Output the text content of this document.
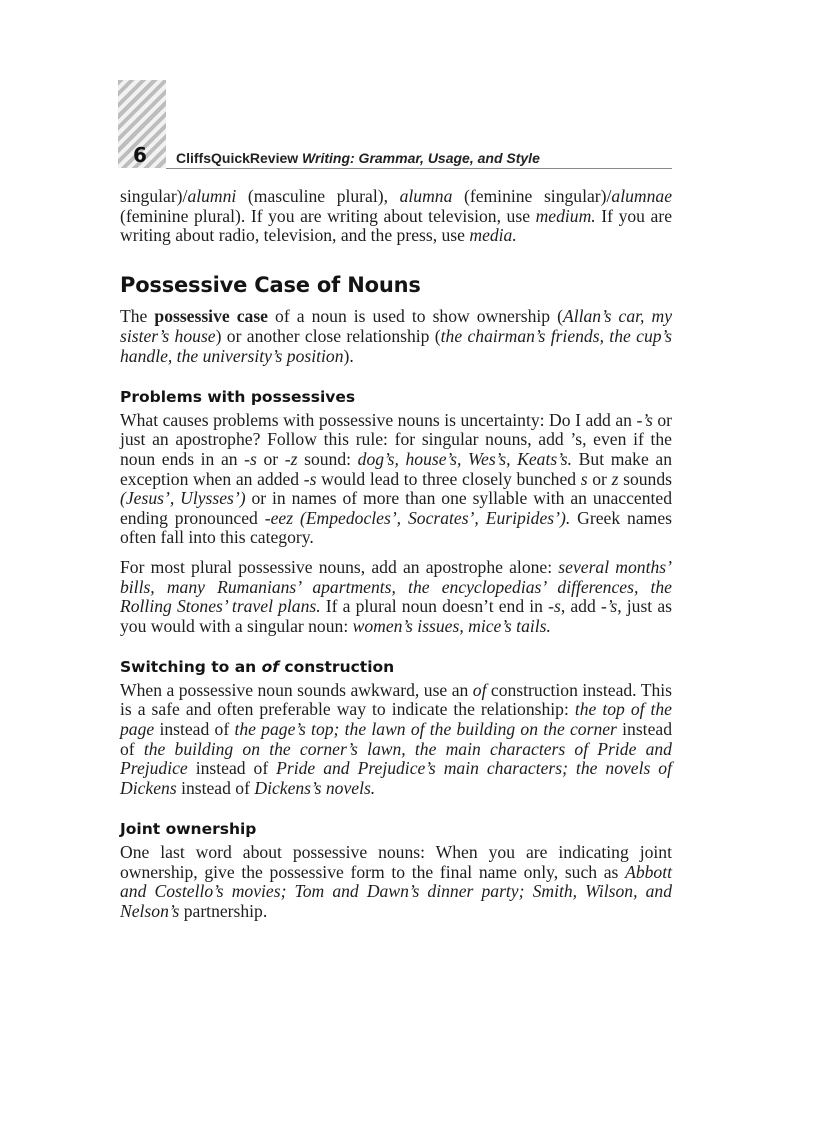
6 CliffsQuickReview Writing: Grammar, Usage, and Style

singular)/alumni (masculine plural), alumna (feminine singular)/alumnae (feminine plural). If you are writing about television, use medium. If you are writing about radio, television, and the press, use media.

Possessive Case of Nouns

The possessive case of a noun is used to show ownership (Allan’s car, my sister’s house) or another close relationship (the chairman’s friends, the cup’s handle, the university’s position).

Problems with possessives

What causes problems with possessive nouns is uncertainty: Do I add an -’s or just an apostrophe? Follow this rule: for singular nouns, add ’s, even if the noun ends in an -s or -z sound: dog’s, house’s, Wes’s, Keats’s. But make an exception when an added -s would lead to three closely bunched s or z sounds (Jesus’, Ulysses’) or in names of more than one syllable with an unaccented ending pronounced -eez (Empedocles’, Socrates’, Euripides’). Greek names often fall into this category.

For most plural possessive nouns, add an apostrophe alone: several months’ bills, many Rumanians’ apartments, the encyclopedias’ differences, the Rolling Stones’ travel plans. If a plural noun doesn’t end in -s, add -’s, just as you would with a singular noun: women’s issues, mice’s tails.

Switching to an of construction

When a possessive noun sounds awkward, use an of construction instead. This is a safe and often preferable way to indicate the relationship: the top of the page instead of the page’s top; the lawn of the building on the corner instead of the building on the corner’s lawn, the main characters of Pride and Prejudice instead of Pride and Prejudice’s main characters; the novels of Dickens instead of Dickens’s novels.

Joint ownership

One last word about possessive nouns: When you are indicating joint ownership, give the possessive form to the final name only, such as Abbott and Costello’s movies; Tom and Dawn’s dinner party; Smith, Wilson, and Nelson’s partnership.
